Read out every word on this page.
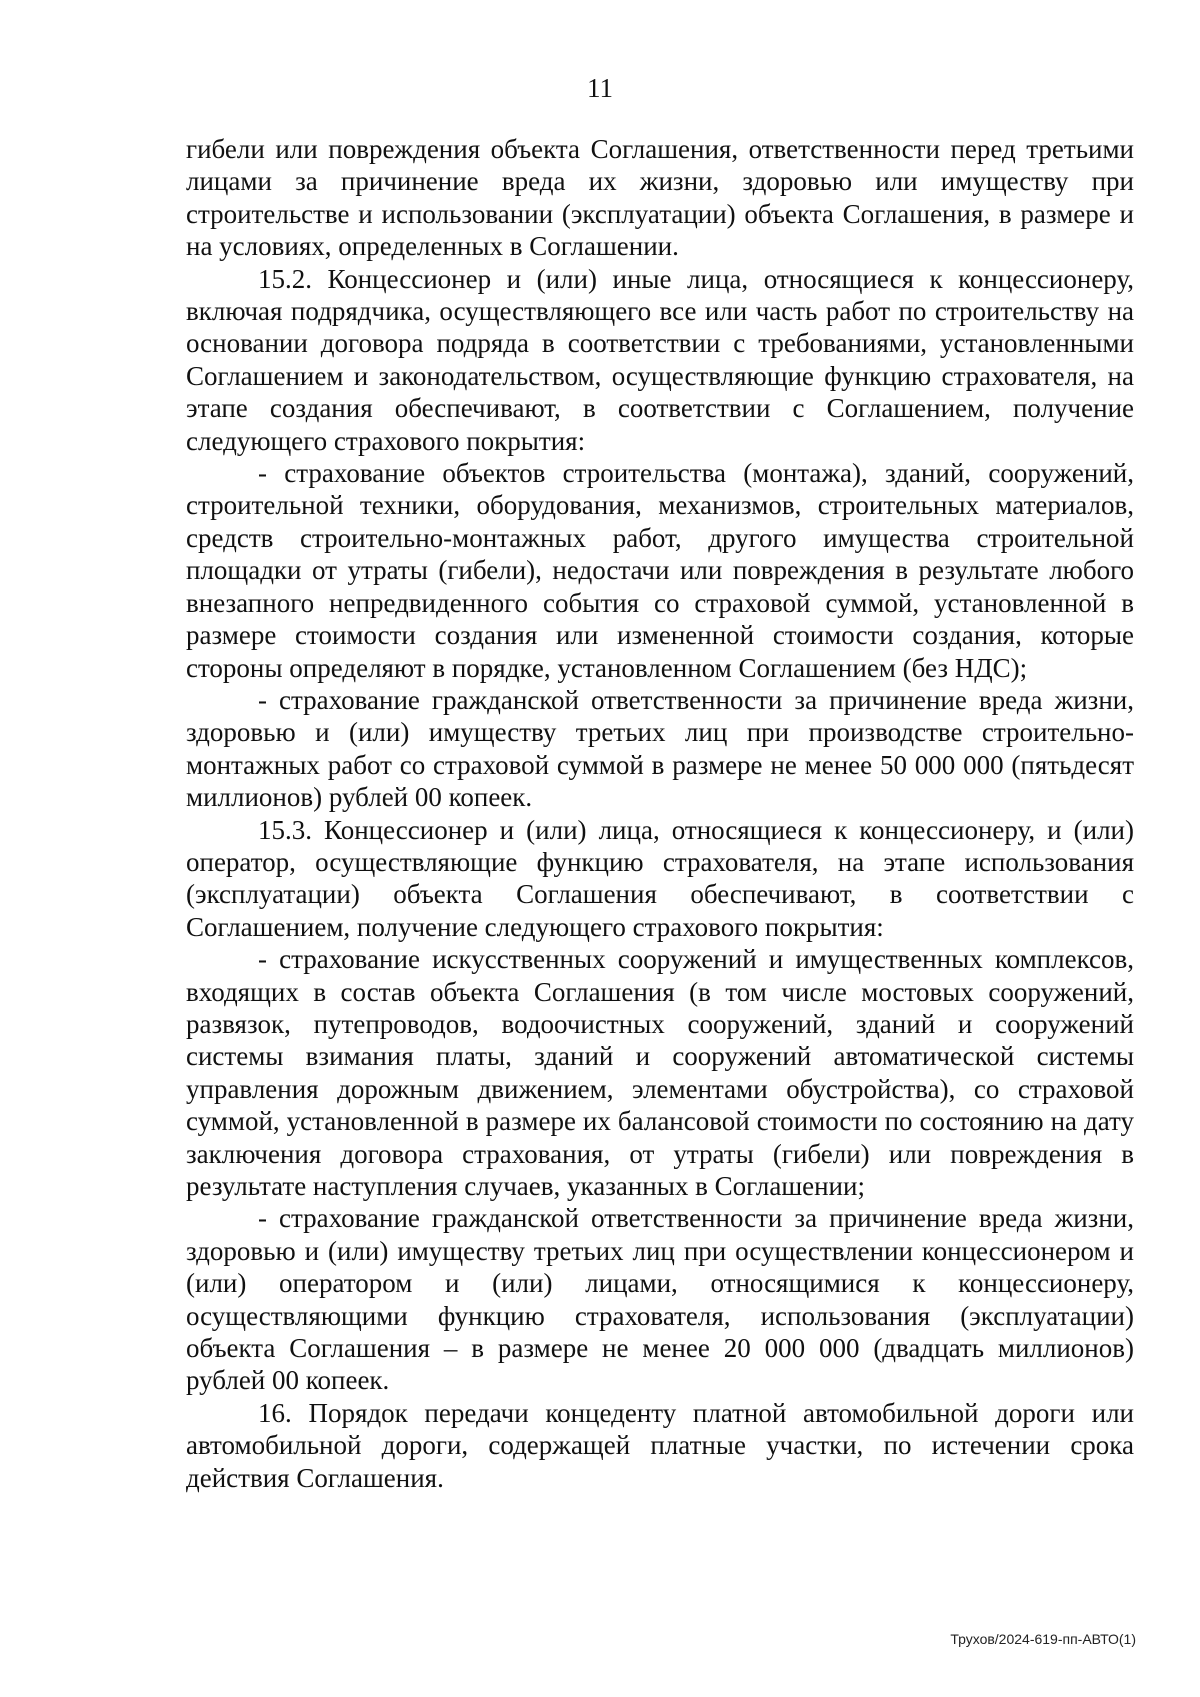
11

гибели или повреждения объекта Соглашения, ответственности перед третьими лицами за причинение вреда их жизни, здоровью или имуществу при строительстве и использовании (эксплуатации) объекта Соглашения, в размере и на условиях, определенных в Соглашении.

15.2. Концессионер и (или) иные лица, относящиеся к концессионеру, включая подрядчика, осуществляющего все или часть работ по строительству на основании договора подряда в соответствии с требованиями, установленными Соглашением и законодательством, осуществляющие функцию страхователя, на этапе создания обеспечивают, в соответствии с Соглашением, получение следующего страхового покрытия:

- страхование объектов строительства (монтажа), зданий, сооружений, строительной техники, оборудования, механизмов, строительных материалов, средств строительно-монтажных работ, другого имущества строительной площадки от утраты (гибели), недостачи или повреждения в результате любого внезапного непредвиденного события со страховой суммой, установленной в размере стоимости создания или измененной стоимости создания, которые стороны определяют в порядке, установленном Соглашением (без НДС);

- страхование гражданской ответственности за причинение вреда жизни, здоровью и (или) имуществу третьих лиц при производстве строительно-монтажных работ со страховой суммой в размере не менее 50 000 000 (пятьдесят миллионов) рублей 00 копеек.

15.3. Концессионер и (или) лица, относящиеся к концессионеру, и (или) оператор, осуществляющие функцию страхователя, на этапе использования (эксплуатации) объекта Соглашения обеспечивают, в соответствии с Соглашением, получение следующего страхового покрытия:

- страхование искусственных сооружений и имущественных комплексов, входящих в состав объекта Соглашения (в том числе мостовых сооружений, развязок, путепроводов, водоочистных сооружений, зданий и сооружений системы взимания платы, зданий и сооружений автоматической системы управления дорожным движением, элементами обустройства), со страховой суммой, установленной в размере их балансовой стоимости по состоянию на дату заключения договора страхования, от утраты (гибели) или повреждения в результате наступления случаев, указанных в Соглашении;

- страхование гражданской ответственности за причинение вреда жизни, здоровью и (или) имуществу третьих лиц при осуществлении концессионером и (или) оператором и (или) лицами, относящимися к концессионеру, осуществляющими функцию страхователя, использования (эксплуатации) объекта Соглашения – в размере не менее 20 000 000 (двадцать миллионов) рублей 00 копеек.

16. Порядок передачи концеденту платной автомобильной дороги или автомобильной дороги, содержащей платные участки, по истечении срока действия Соглашения.

Трухов/2024-619-пп-АВТО(1)
